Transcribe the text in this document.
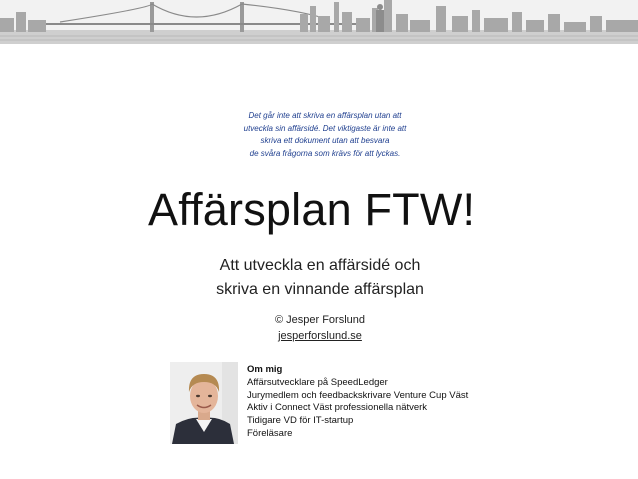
Det går inte att skriva en affärsplan utan att
utveckla sin affärsidé. Det viktigaste är inte att
skriva ett dokument utan att besvara
de svåra frågorna som krävs för att lyckas.
Affärsplan FTW!
Att utveckla en affärsidé och
skriva en vinnande affärsplan
© Jesper Forslund
jesperforslund.se
Om mig
Affärsutvecklare på SpeedLedger
Jurymedlem och feedbackskrivare Venture Cup Väst
Aktiv i Connect Väst professionella nätverk
Tidigare VD för IT-startup
Föreläsare
